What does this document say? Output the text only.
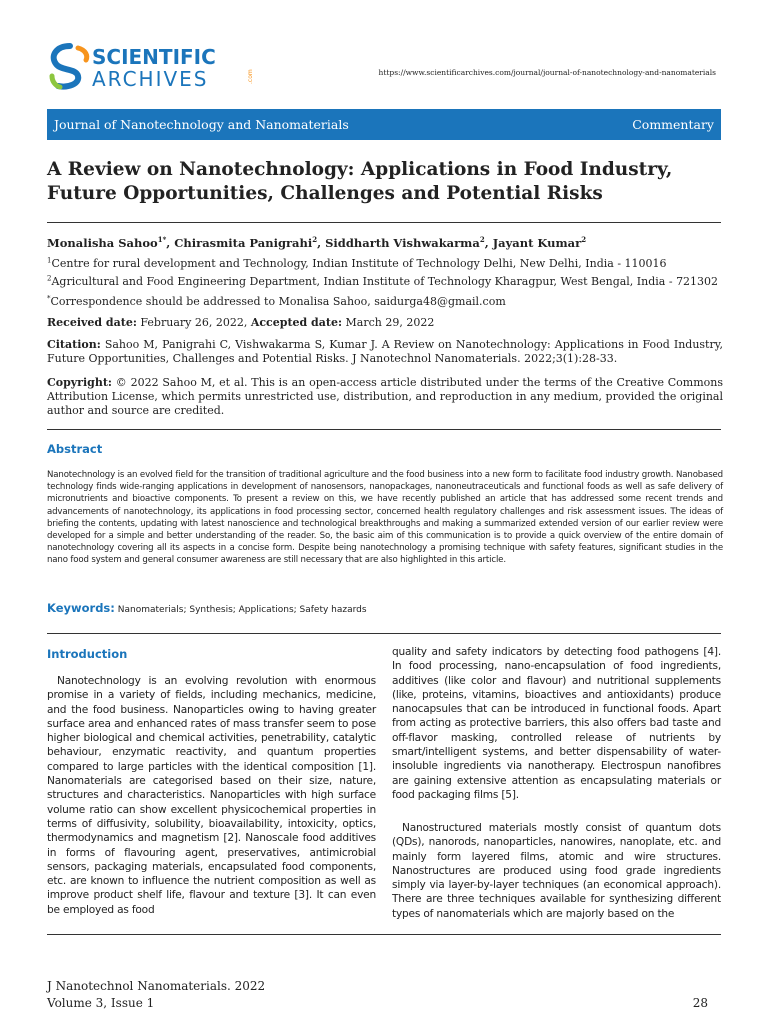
SCIENTIFIC
ARCHIVES	.com	https://www.scientificarchives.com/journal/journal-of-nanotechnology-and-nanomaterials
Journal of Nanotechnology and Nanomaterials	Commentary
A Review on Nanotechnology: Applications in Food Industry,
Future Opportunities, Challenges and Potential Risks
Monalisha Sahoo$^{1*}$, Chirasmita Panigrahi$^2$, Siddharth Vishwakarma$^2$, Jayant Kumar$^2$
$^1$Centre for rural development and Technology, Indian Institute of Technology Delhi, New Delhi, India - 110016
$^2$Agricultural and Food Engineering Department, Indian Institute of Technology Kharagpur, West Bengal, India - 721302
*Correspondence should be addressed to Monalisa Sahoo, saidurga48@gmail.com
Received date: February 26, 2022, Accepted date: March 29, 2022
Citation: Sahoo M, Panigrahi C, Vishwakarma S, Kumar J. A Review on Nanotechnology: Applications in Food Industry, Future Opportunities, Challenges and Potential Risks. J Nanotechnol Nanomaterials. 2022;3(1):28-33.
Copyright: © 2022 Sahoo M, et al. This is an open-access article distributed under the terms of the Creative Commons Attribution License, which permits unrestricted use, distribution, and reproduction in any medium, provided the original author and source are credited.
Abstract

Nanotechnology is an evolved field for the transition of traditional agriculture and the food business into a new form to facilitate food industry growth. Nanobased technology finds wide-ranging applications in development of nanosensors, nanopackages, nanoneutraceuticals and functional foods as well as safe delivery of micronutrients and bioactive components. To present a review on this, we have recently published an article that has addressed some recent trends and advancements of nanotechnology, its applications in food processing sector, concerned health regulatory challenges and risk assessment issues. The ideas of briefing the contents, updating with latest nanoscience and technological breakthroughs and making a summarized extended version of our earlier review were developed for a simple and better understanding of the reader. So, the basic aim of this communication is to provide a quick overview of the entire domain of nanotechnology covering all its aspects in a concise form. Despite being nanotechnology a promising technique with safety features, significant studies in the nano food system and general consumer awareness are still necessary that are also highlighted in this article.

Keywords: Nanomaterials; Synthesis; Applications; Safety hazards
Introduction

Nanotechnology is an evolving revolution with enormous promise in a variety of fields, including mechanics, medicine, and the food business. Nanoparticles owing to having greater surface area and enhanced rates of mass transfer seem to pose higher biological and chemical activities, penetrability, catalytic behaviour, enzymatic reactivity, and quantum properties compared to large particles with the identical composition [1]. Nanomaterials are categorised based on their size, nature, structures and characteristics. Nanoparticles with high surface volume ratio can show excellent physicochemical properties in terms of diffusivity, solubility, bioavailability, intoxicity, optics, thermodynamics and magnetism [2]. Nanoscale food additives in forms of flavouring agent, preservatives, antimicrobial sensors, packaging materials, encapsulated food components, etc. are known to influence the nutrient composition as well as improve product shelf life, flavour and texture [3]. It can even be employed as food

quality and safety indicators by detecting food pathogens [4]. In food processing, nano-encapsulation of food ingredients, additives (like color and flavour) and nutritional supplements (like, proteins, vitamins, bioactives and antioxidants) produce nanocapsules that can be introduced in functional foods. Apart from acting as protective barriers, this also offers bad taste and off-flavor masking, controlled release of nutrients by smart/intelligent systems, and better dispensability of water-insoluble ingredients via nanotherapy. Electrospun nanofibres are gaining extensive attention as encapsulating materials or food packaging films [5].

Nanostructured materials mostly consist of quantum dots (QDs), nanorods, nanoparticles, nanowires, nanoplate, etc. and mainly form layered films, atomic and wire structures. Nanostructures are produced using food grade ingredients simply via layer-by-layer techniques (an economical approach). There are three techniques available for synthesizing different types of nanomaterials which are majorly based on the

J Nanotechnol Nanomaterials. 2022
Volume 3, Issue 1	28
